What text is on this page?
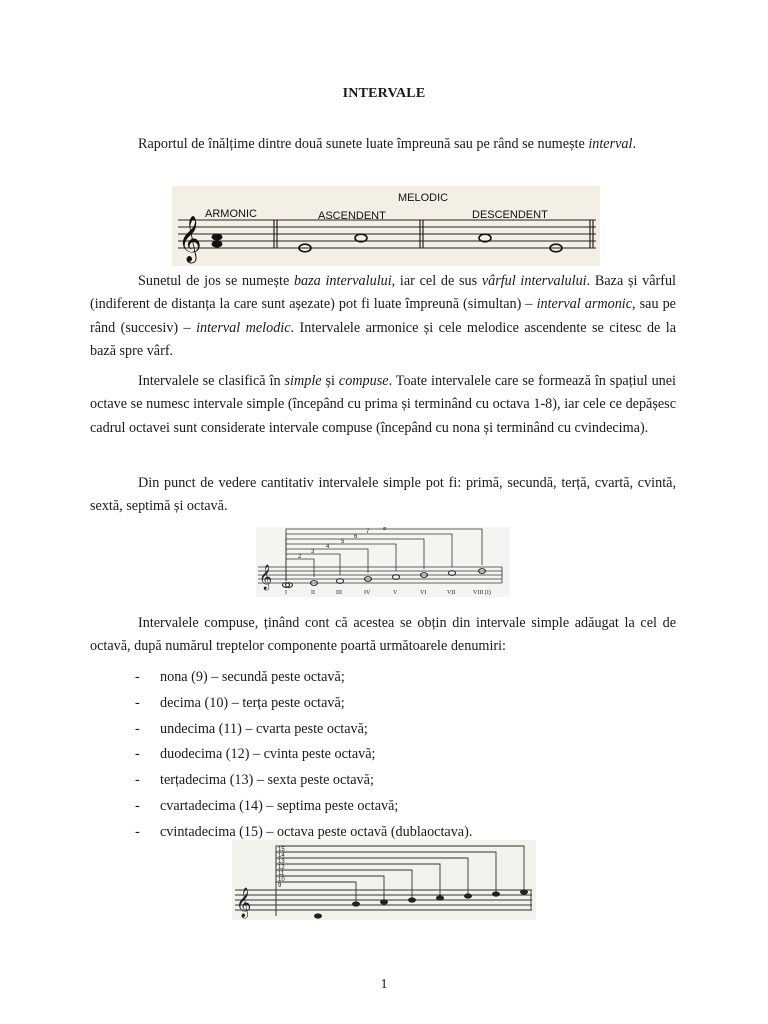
INTERVALE
Raportul de înălțime dintre două sunete luate împreună sau pe rând se numește interval.
𝄞
ARMONIC
MELODIC
ASCENDENT	DESCENDENT
Sunetul de jos se numește baza intervalului, iar cel de sus vârful intervalului. Baza și vârful (indiferent de distanța la care sunt așezate) pot fi luate împreună (simultan) – interval armonic, sau pe rând (succesiv) – interval melodic. Intervalele armonice și cele melodice ascendente se citesc de la bază spre vârf.
Intervalele se clasifică în simple și compuse. Toate intervalele care se formează în spațiul unei octave se numesc intervale simple (începând cu prima și terminând cu octava 1-8), iar cele ce depășesc cadrul octavei sunt considerate intervale compuse (începând cu nona și terminând cu cvindecima).
Din punct de vedere cantitativ intervalele simple pot fi: primă, secundă, terță, cvartă, cvintă, sextă, septimă și octavă.
𝄞
2
3
4
5
6
7 8
I	II	III	IV	V	VI	VII	VIII (I)
Intervalele compuse, ținând cont că acestea se obțin din intervale simple adăugat la cel de octavă, după numărul treptelor componente poartă următoarele denumiri:
- nona (9) – secundă peste octavă;
- decima (10) – terța peste octavă;
- undecima (11) – cvarta peste octavă;
- duodecima (12) – cvinta peste octavă;
- terțadecima (13) – sexta peste octavă;
- cvartadecima (14) – septima peste octavă;
- cvintadecima (15) – octava peste octavă (dublaoctava).
𝄞
15
14
13
12
11
10
9
1
